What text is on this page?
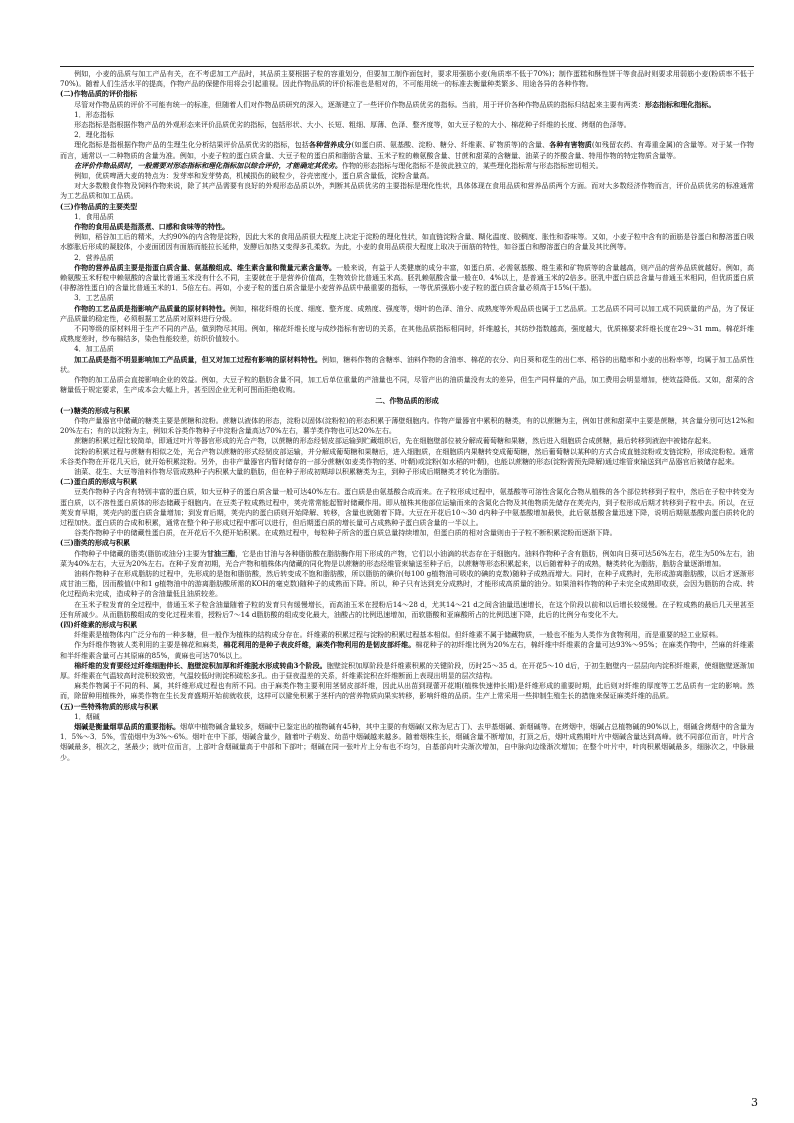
例如，小麦的品质与加工产品有关，在不考虑加工产品时，其品质主要根据子粒的容重划分，但要加工制作面包时，要求用强筋小麦(角质率不低于70%)；制作蛋糕和酥性饼干等食品时则要求用弱筋小麦(粉质率不低于70%)。随着人们生活水平的提高，作物产品的保健作用将会引起重视。因此作物品质的评价标准也是相对的，不可能用统一的标准去衡量种类繁多、用途各异的各种作物。

(二)作物品质的评价指标

尽管对作物品质的评价不可能有统一的标准，但随着人们对作物品质研究的深入，逐渐建立了一些评价作物品质优劣的指标。当前，用于评价各种作物品质的指标归结起来主要有两类：形态指标和理化指标。

1．形态指标

形态指标是指根据作物产品的外观形态来评价品质优劣的指标，包括形状、大小、长短、粗细、厚薄、色泽、整齐度等，如大豆子粒的大小、棉花种子纤维的长度、烤烟的色泽等。

2．理化指标

理化指标是指根据作物产品的生理生化分析结果评价品质优劣的指标，包括各种营养成分(如蛋白质、氨基酸、淀粉、糖分、纤维素、矿物质等)的含量、各种有害物质(如残留农药、有毒重金属)的含量等。对于某一作物而言，通常以一二种物质的含量为准。例如，小麦子粒的蛋白质含量、大豆子粒的蛋白质和脂肪含量、玉米子粒的赖氨酸含量、甘蔗和甜菜的含糖量、油菜子的芥酸含量、特用作物的特定物质含量等。

在评价作物品质时，一般需要对形态指标和理化指标加以综合评价，才能确定其优劣。作物的形态指标与理化指标不是彼此独立的，某些理化指标常与形态指标密切相关。

例如，优质啤酒大麦的特点为：发芽率和发芽势高，机械损伤的破粒少，谷壳密度小，蛋白质含量低，淀粉含量高。

对大多数粮食作物及饲料作物来说，除了其产品需要有良好的外观形态品质以外，判断其品质优劣的主要指标是理化性状，具体体现在食用品质和营养品质两个方面。而对大多数经济作物而言，评价品质优劣的标准通常为工艺品质和加工品质。

(三)作物品质的主要类型

1．食用品质

作物的食用品质是指蒸煮、口感和食味等的特性。

例如，稻谷加工后的精米，大约90%的内含物是淀粉，因此大米的食用品质很大程度上决定于淀粉的理化性状，如直链淀粉含量、糊化温度、胶稠度、胀性和香味等。又如，小麦子粒中含有的面筋是谷蛋白和醇溶蛋白吸水膨胀后形成的凝胶体，小麦面团因有面筋而能拉长延伸，发酵后加热又变得多孔柔软。为此，小麦的食用品质很大程度上取决于面筋的特性，如谷蛋白和醇溶蛋白的含量及其比例等。

2．营养品质

作物的营养品质主要是指蛋白质含量、氨基酸组成、维生素含量和微量元素含量等。一般来说，有益于人类健康的成分丰富，如蛋白质、必需氨基酸、维生素和矿物质等的含量越高，则产品的营养品质就越好。例如，高赖氨酸玉米籽粒中赖氨酸的含量比普通玉米没有什么不同，主要就在于是营养价值高，生物效价比普通玉米高。胚乳赖氨酸含量一般在0．4%以上，是普通玉米的2倍多。胚乳中蛋白质总含量与普通玉米相同，但优质蛋白质(非醇溶性蛋白)的含量比普通玉米的1．5倍左右。再如，小麦子粒的蛋白质含量是小麦营养品质中最重要的指标，一等优质强筋小麦子粒的蛋白质含量必须高于15%(干基)。

3．工艺品质

作物的工艺品质是指影响产品质量的原材料特性。例如，棉花纤维的长度、细度、整齐度、成熟度、强度等，烟叶的色泽、油分、成熟度等外观品质也属于工艺品质。工艺品质不同可以加工成不同质量的产品，为了保证产品质量的稳定性，必须根据工艺品质对原料进行分级。

不同等级的原材料用于生产不同的产品，做到物尽其用。例如，棉花纤维长度与成纱指标有密切的关系，在其他品质指标相同时，纤维越长，其纺纱指数越高，强度越大，优质棉要求纤维长度在29～31 mm。棉花纤维成熟度差时，纱布棉结多，染色性能较差，纺织价值较小。

4．加工品质

加工品质是指不明显影响加工产品质量，但又对加工过程有影响的原材料特性。例如，糖料作物的含糖率、油料作物的含油率、棉花的衣分、向日葵和花生的出仁率、稻谷的出糙率和小麦的出粉率等，均属于加工品质性状。

作物的加工品质会直接影响企业的效益。例如，大豆子粒的脂肪含量不同，加工后单位重量的产油量也不同，尽管产出的油质量没有太的差异，但生产同样量的产品，加工费用会明显增加，使效益降低。又如，甜菜的含糖量低于规定要求，生产成本会大幅上升，甚至因企业无利可图而拒绝收购。

二、作物品质的形成

(一)糖类的形成与积累

作物产量器官中储藏的糖类主要是蔗糖和淀粉。蔗糖以液体的形态，淀粉以固体(淀粉粒)的形态积累于薄壁细胞内。作物产量器官中累积的糖类，有的以蔗糖为主，例如甘蔗和甜菜中主要是蔗糖，其含量分别可达12%和20%左右；有的以淀粉为主，例如禾谷类作物种子中淀粉含量高达70%左右，薯芋类作物也可达20%左右。

蔗糖的积累过程比较简单，即通过叶片等器官形成的光合产物，以蔗糖的形态经韧皮部运输到贮藏组织后，先在细胞壁部位被分解成葡萄糖和果糖，然后进入细胞质合成蔗糖，最后转移到液泡中被储存起来。

淀粉的积累过程与蔗糖有相似之处，光合产物以蔗糖的形式经韧皮部运输，并分解成葡萄糖和果糖后，进入细胞质，在细胞质内果糖转变成葡萄糖，然后葡萄糖以某种的方式合成直链淀粉或支链淀粉，形成淀粉粒。通常禾谷类作物在开花几天后，就开始积累淀粉。另外，由非产量器官内暂时储存的一部分蔗糖(如麦类作物的茎、叶鞘)或淀粉(如水稻的叶鞘)，也能以蔗糖的形态(淀粉需预先降解)通过维管束输送到产品器官后被储存起来。

油菜、花生、大豆等油料作物尽管成熟种子内积累大量的脂肪，但在种子形成初期却以积累糖类为主，到种子形成后期糖类才转化为脂肪。

(二)蛋白质的形成与积累

豆类作物种子内含有特别丰富的蛋白质，如大豆种子的蛋白质含量一般可达40%左右。蛋白质是由氨基酸合成而来。在子粒形成过程中，氨基酸等可溶性含氮化合物从植株的各个部位转移到子粒中，然后在子粒中转变为蛋白质，以不溶性蛋白质体的形态储藏于细胞内。在豆类子粒成熟过程中，荚壳常常能起暂时储藏作用。即从植株其他部位运输而来的含氮化合物及其他物质先储存在荚壳内，到子粒形成后期才转移到子粒中去。所以，在豆荚发育早期，荚壳内的蛋白质含量增加；到发育后期，荚壳内的蛋白质则开始降解、转移，含量也就随着下降。大豆在开花后10～30 d内种子中氨基酸增加最快，此后氨基酸含量迅速下降，说明后期氨基酸向蛋白质转化的过程加快。蛋白质的合成和积累，通常在整个种子形成过程中都可以进行，但后期蛋白质的增长量可占成熟种子蛋白质含量的一半以上。

谷类作物种子中的储藏性蛋白质，在开花后不久便开始积累。在成熟过程中，每粒种子所含的蛋白质总量持续增加，但蛋白质的相对含量则由于子粒不断积累淀粉而逐渐下降。

(三)脂类的形成与积累

作物种子中储藏的脂类(脂肪或油分)主要为甘油三酯，它是由甘油与各种脂肪酸在脂肪酶作用下形成的产物，它们以小油滴的状态存在于细胞内。油料作物种子含有脂肪，例如向日葵可达56%左右，花生为50%左右，油菜为40%左右，大豆为20%左右。在种子发育初期，光合产物和植株体内储藏的同化物是以蔗糖的形态经维管束输送至种子后，以蔗糖等形态积累起来，以后随着种子的成熟，糖类转化为脂肪，脂肪含量逐渐增加。

油料作物种子在形成脂肪的过程中，先形成的是饱和脂肪酸，然后转变成不饱和脂肪酸，所以脂肪的碘价(每100 g植物油可吸收的碘的克数)随种子成熟而增大。同时，在种子成熟时，先形成游离脂肪酸，以后才逐渐形成甘油三酯，因而酸值(中和1 g植物油中的游离脂肪酸所需的KOH的毫克数)随种子的成熟而下降。所以，种子只有达到充分成熟时，才能形成高质量的油分。如果油料作物的种子未完全成熟即收获，会因为脂肪的合成、转化过程尚未完成，造成种子的含油量低且油质较差。

在玉米子粒发育的全过程中，普通玉米子粒含油量随着子粒的发育只有缓慢增长，而高油玉米在授粉后14～28 d，尤其14～21 d之间含油量迅速增长，在这个阶段以前和以后增长较缓慢。在子粒成熟的最后几天里甚至还有所减少。从而脂肪酸组成的变化过程来看，授粉后7～14 d脂肪酸的组成变化最大，油酸占的比例迅速增加，而软脂酸和亚麻酸所占的比例迅速下降，此后的比例分布变化不大。

(四)纤维素的形成与积累

纤维素是植物体内广泛分布的一种多糖，但一般作为植株的结构成分存在。纤维素的积累过程与淀粉的积累过程基本相似。但纤维素不属于储藏物质，一般也不能为人类作为食物利用，而是重要的轻工业原料。

作为纤维作物被人类利用的主要是棉花和麻类，棉花利用的是种子表皮纤维，麻类作物利用的是韧皮部纤维。棉花种子的初纤维比例为20%左右，棉纤维中纤维素的含量可达93%～95%；在麻类作物中，苎麻的纤维素和半纤维素含量可占其原麻的85%，黄麻也可达70%以上。

棉纤维的发育要经过纤维细胞伸长、胞壁淀积加厚和纤维脱水形成转曲3个阶段。胞壁淀积加厚阶段是纤维素积累的关键阶段，历时25～35 d。在开花5～10 d后，于初生胞壁内一层层向内淀积纤维素，使细胞壁逐渐加厚。纤维素在气温较高时淀积较致密，气温较低时则淀积疏松多孔。由于昼夜温差的关系，纤维素淀积在纤维断面上表现出明显的层次结构。

麻类作物属于不同的科、属，其纤维形成过程也有所不同。由于麻类作物主要利用茎韧皮部纤维，因此从出苗到现蕾开花期(植株快速伸长期)是纤维形成的重要时期，此后则对纤维的厚度等工艺品质有一定的影响。然而，除留种用植株外，麻类作物在生长发育盛期开始前就收获，这样可以避免积累于茎杆内的营养物质向果实转移，影响纤维的品质。生产上常采用一些抑制生殖生长的措施来保证麻类纤维的品质。

(五)一些特殊物质的形成与积累

1．烟碱

烟碱是衡量烟草品质的重要指标。烟草中植物碱含量较多，烟碱中已鉴定出的植物碱有45种，其中主要的有烟碱(又称为尼古丁)、去甲基烟碱、新烟碱等。在烤烟中，烟碱占总植物碱的90%以上，烟碱含烤烟中的含量为1．5%～3．5%，雪茄烟中为3%～6%。烟叶在中下部，烟碱含量少，随着叶子萌发、幼苗中烟碱越来越多。随着烟株生长，烟碱含量不断增加，打顶之后，烟叶成熟期叶片中烟碱含量达到高峰。就不同部位而言，叶片含烟碱最多，根次之，茎最少；就叶位而言，上部叶含烟碱量高于中部和下部叶；烟碱在同一张叶片上分布也不均匀，自基部向叶尖渐次增加，自中脉向边缘渐次增加；在整个叶片中，叶肉积累烟碱最多，细脉次之，中脉最少。

3
